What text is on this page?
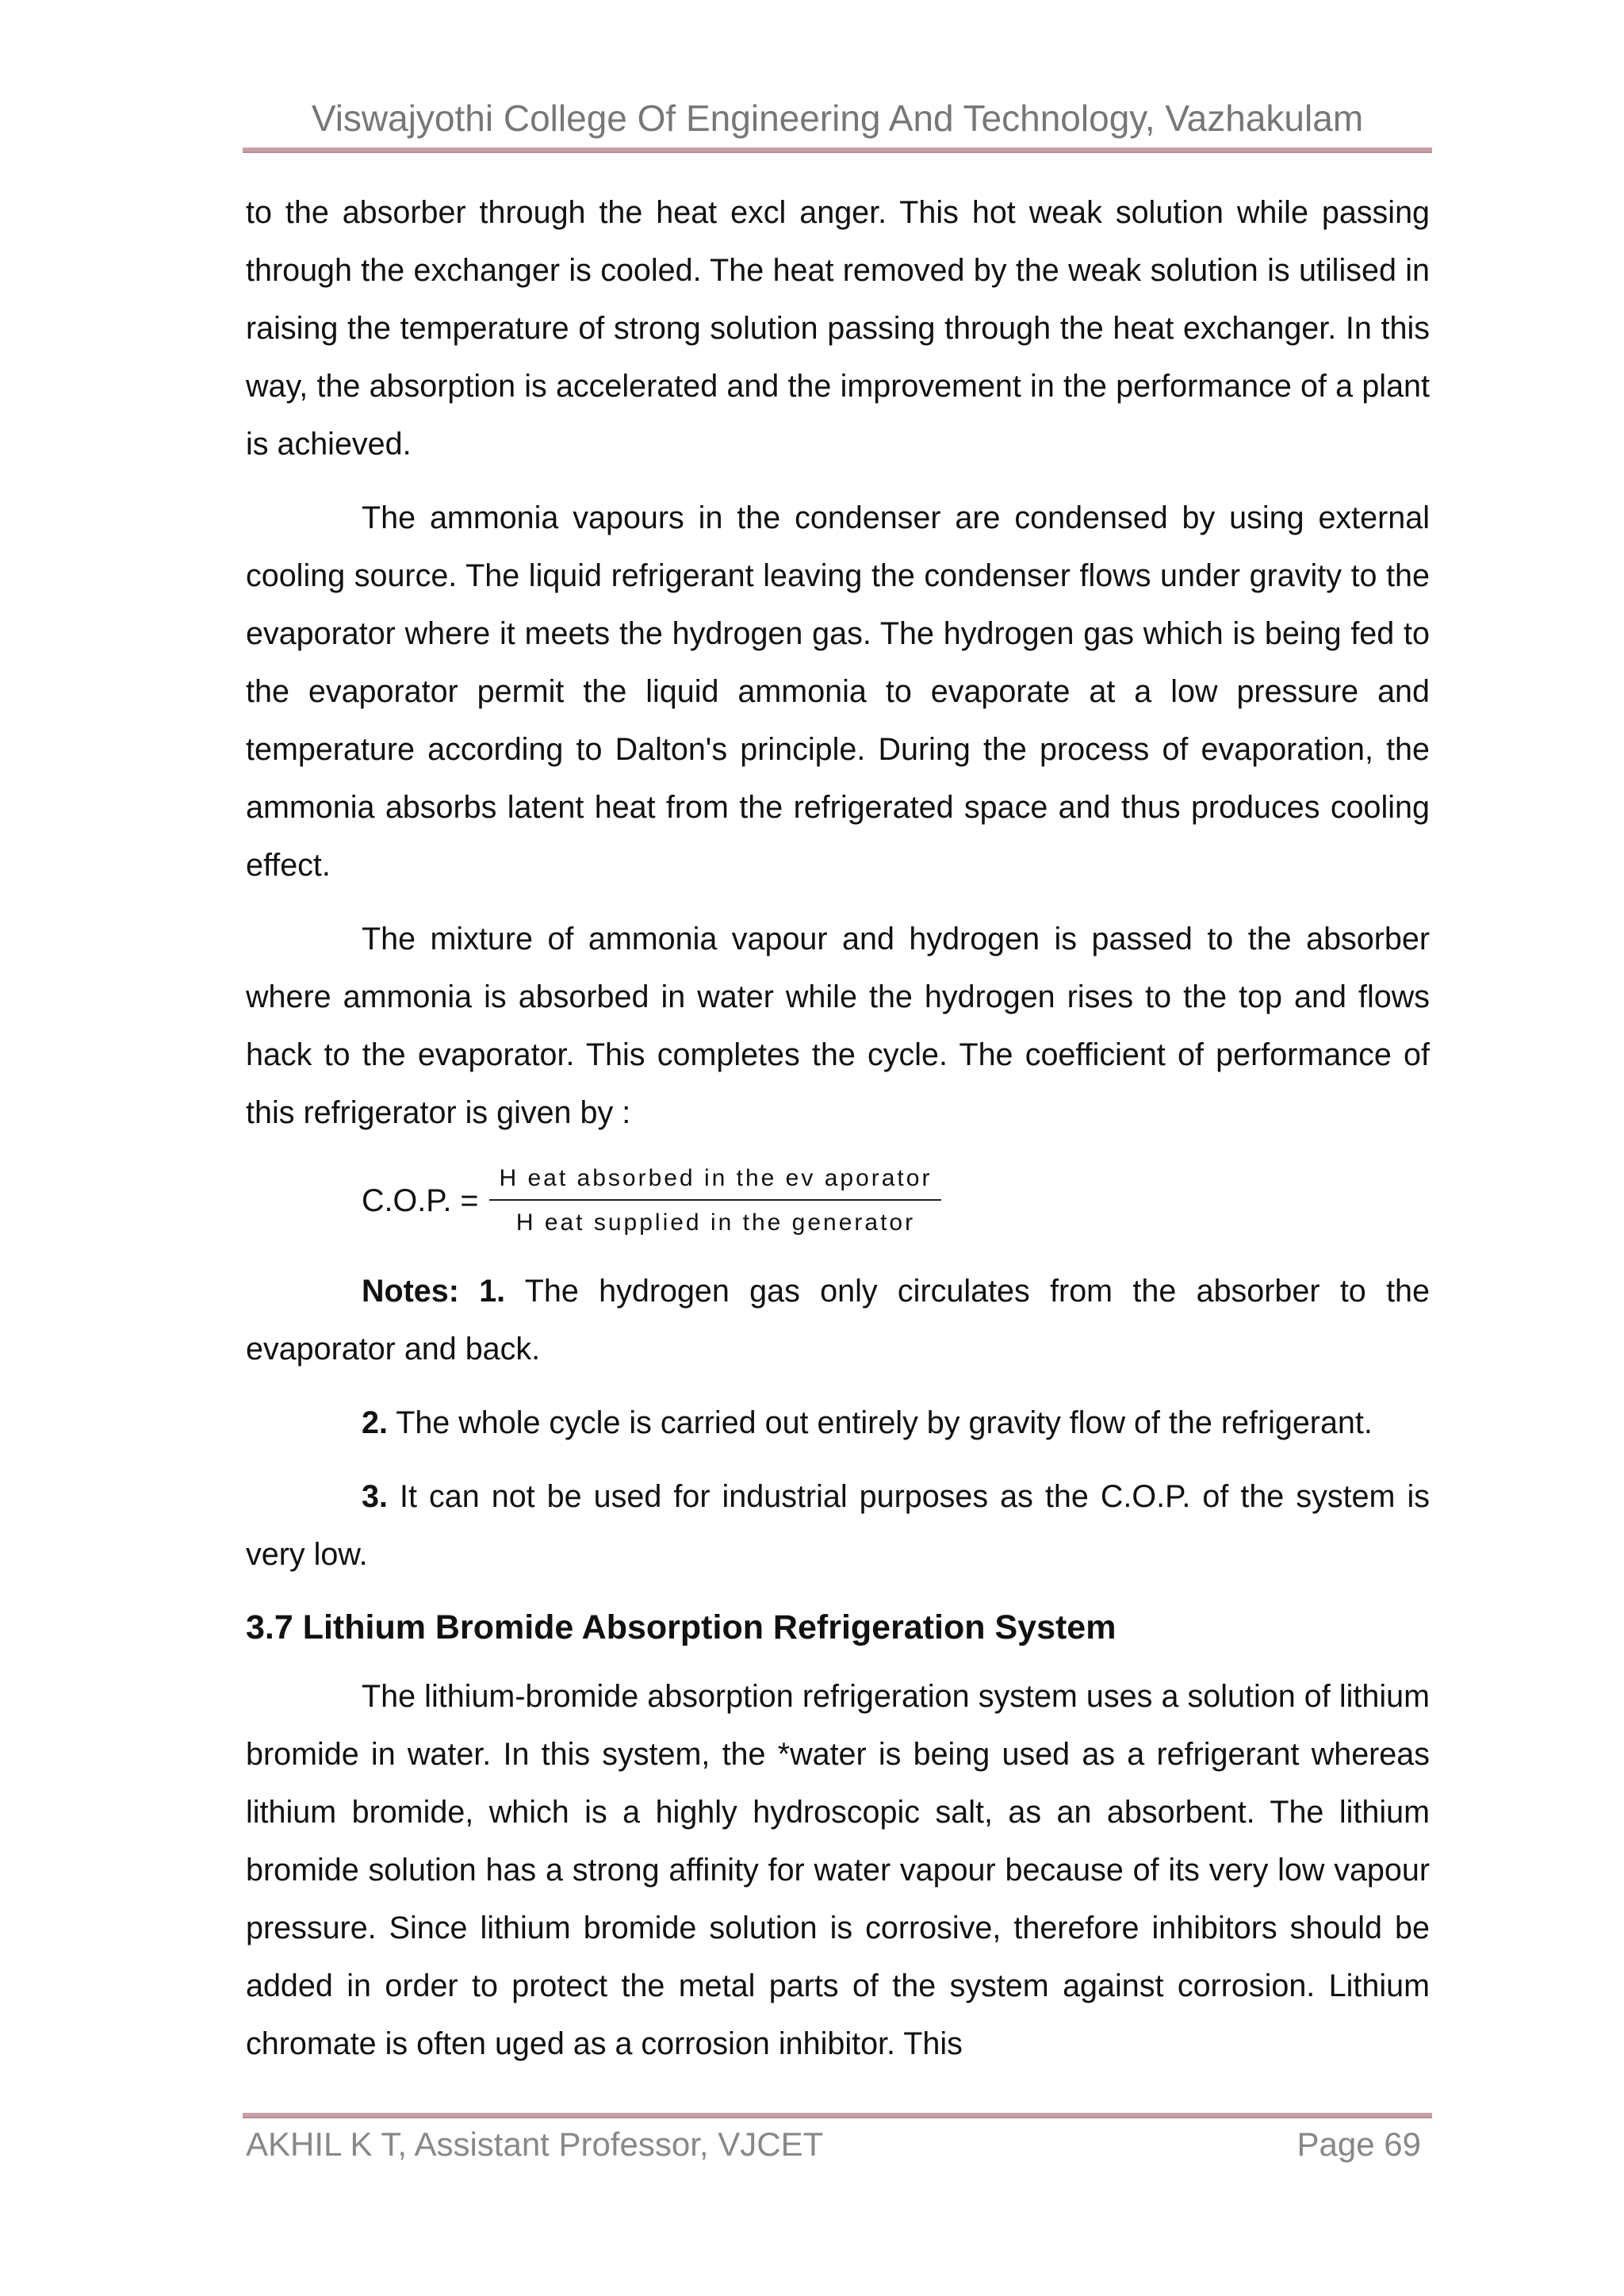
Viswajyothi College Of Engineering And Technology, Vazhakulam

to the absorber through the heat excl anger. This hot weak solution while passing through the exchanger is cooled. The heat removed by the weak solution is utilised in raising the temperature of strong solution passing through the heat exchanger. In this way, the absorption is accelerated and the improvement in the performance of a plant is achieved.

The ammonia vapours in the condenser are condensed by using external cooling source. The liquid refrigerant leaving the condenser flows under gravity to the evaporator where it meets the hydrogen gas. The hydrogen gas which is being fed to the evaporator permit the liquid ammonia to evaporate at a low pressure and temperature according to Dalton's principle. During the process of evaporation, the ammonia absorbs latent heat from the refrigerated space and thus produces cooling effect.

The mixture of ammonia vapour and hydrogen is passed to the absorber where ammonia is absorbed in water while the hydrogen rises to the top and flows hack to the evaporator. This completes the cycle. The coefficient of performance of this refrigerator is given by :

C.O.P. = $\frac{\text{H eat absorbed in the ev aporator}}{\text{H eat supplied in the generator}}$

Notes: 1. The hydrogen gas only circulates from the absorber to the evaporator and back.

2. The whole cycle is carried out entirely by gravity flow of the refrigerant.

3. It can not be used for industrial purposes as the C.O.P. of the system is very low.

3.7 Lithium Bromide Absorption Refrigeration System

The lithium-bromide absorption refrigeration system uses a solution of lithium bromide in water. In this system, the *water is being used as a refrigerant whereas lithium bromide, which is a highly hydroscopic salt, as an absorbent. The lithium bromide solution has a strong affinity for water vapour because of its very low vapour pressure. Since lithium bromide solution is corrosive, therefore inhibitors should be added in order to protect the metal parts of the system against corrosion. Lithium chromate is often uged as a corrosion inhibitor. This

AKHIL K T, Assistant Professor, VJCET	Page 69
